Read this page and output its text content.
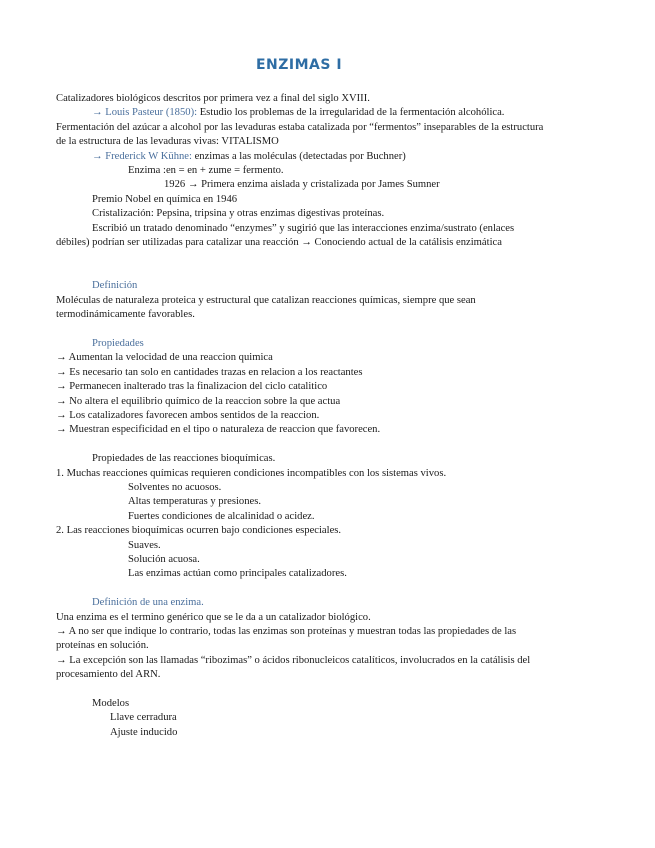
ENZIMAS I

Catalizadores biológicos descritos por primera vez a final del siglo XVIII.

→ Louis Pasteur (1850): Estudio los problemas de la irregularidad de la fermentación alcohólica. Fermentación del azúcar a alcohol por las levaduras estaba catalizada por “fermentos” inseparables de la estructura de la estructura de las levaduras vivas: VITALISMO

→ Frederick W Kühne: enzimas a las moléculas (detectadas por Buchner)

Enzima :en = en + zume = fermento.

1926 → Primera enzima aislada y cristalizada por James Sumner

Premio Nobel en química en 1946

Cristalización: Pepsina, tripsina y otras enzimas digestivas proteínas.

Escribió un tratado denominado “enzymes” y sugirió que las interacciones enzima/sustrato (enlaces débiles) podrían ser utilizadas para catalizar una reacción → Conociendo actual de la catálisis enzimática

Definición

Moléculas de naturaleza proteica y estructural que catalizan reacciones químicas, siempre que sean termodinámicamente favorables.

Propiedades

→ Aumentan la velocidad de una reaccion quimica

→ Es necesario tan solo en cantidades trazas en relacion a los reactantes

→ Permanecen inalterado tras la finalizacion del ciclo catalitico

→ No altera el equilibrio químico de la reaccion sobre la que actua

→ Los catalizadores favorecen ambos sentidos de la reaccion.

→ Muestran especificidad en el tipo o naturaleza de reaccion que favorecen.

Propiedades de las reacciones bioquímicas.

1. Muchas reacciones químicas requieren condiciones incompatibles con los sistemas vivos.

Solventes no acuosos.

Altas temperaturas y presiones.

Fuertes condiciones de alcalinidad o acidez.

2. Las reacciones bioquímicas ocurren bajo condiciones especiales.

Suaves.

Solución acuosa.

Las enzimas actúan como principales catalizadores.

Definición de una enzima.

Una enzima es el termino genérico que se le da a un catalizador biológico.

→ A no ser que indique lo contrario, todas las enzimas son proteínas y muestran todas las propiedades de las proteínas en solución.

→ La excepción son las llamadas “ribozimas” o ácidos ribonucleicos catalíticos, involucrados en la catálisis del procesamiento del ARN.

Modelos

Llave cerradura

Ajuste inducido
